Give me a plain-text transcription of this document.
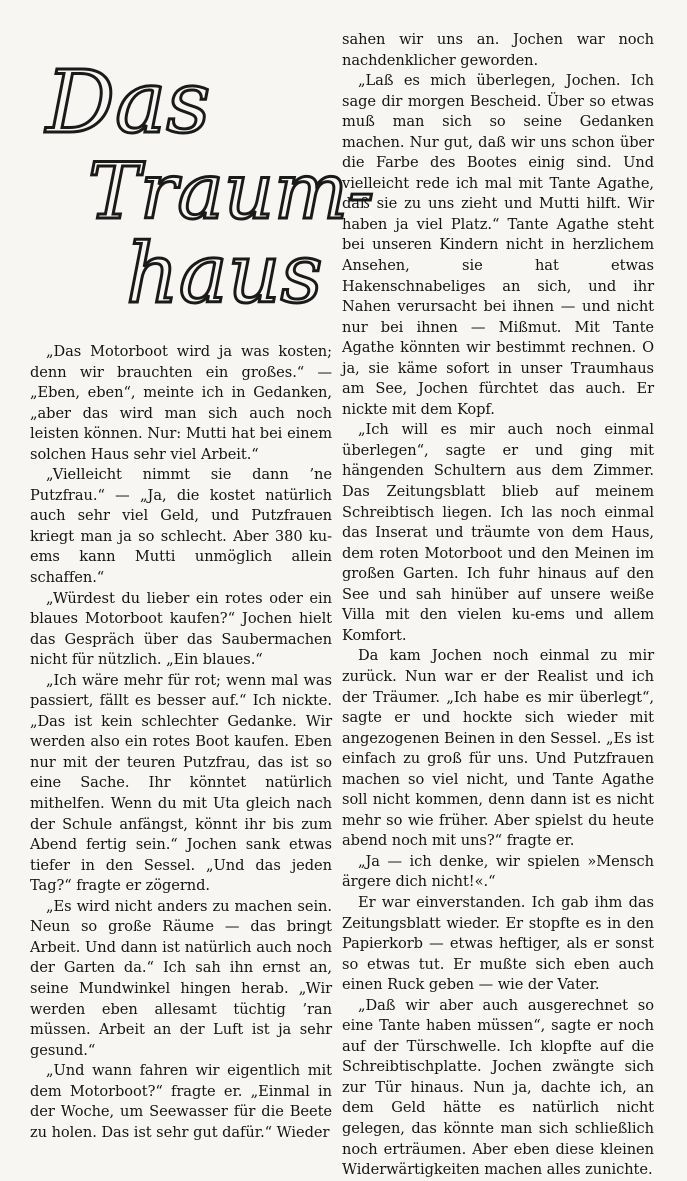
Das
Traum-
haus

„Das Motorboot wird ja was kosten; denn wir brauchten ein großes.“ — „Eben, eben“, meinte ich in Gedanken, „aber das wird man sich auch noch leisten können. Nur: Mutti hat bei einem solchen Haus sehr viel Arbeit.“

„Vielleicht nimmt sie dann ’ne Putzfrau.“ — „Ja, die kostet natürlich auch sehr viel Geld, und Putzfrauen kriegt man ja so schlecht. Aber 380 ku-ems kann Mutti unmöglich allein schaffen.“

„Würdest du lieber ein rotes oder ein blaues Motorboot kaufen?“ Jochen hielt das Gespräch über das Saubermachen nicht für nützlich. „Ein blaues.“

„Ich wäre mehr für rot; wenn mal was passiert, fällt es besser auf.“ Ich nickte. „Das ist kein schlechter Gedanke. Wir werden also ein rotes Boot kaufen. Eben nur mit der teuren Putzfrau, das ist so eine Sache. Ihr könntet natürlich mithelfen. Wenn du mit Uta gleich nach der Schule anfängst, könnt ihr bis zum Abend fertig sein.“ Jochen sank etwas tiefer in den Sessel. „Und das jeden Tag?“ fragte er zögernd.

„Es wird nicht anders zu machen sein. Neun so große Räume — das bringt Arbeit. Und dann ist natürlich auch noch der Garten da.“ Ich sah ihn ernst an, seine Mundwinkel hingen herab. „Wir werden eben allesamt tüchtig ’ran müssen. Arbeit an der Luft ist ja sehr gesund.“

„Und wann fahren wir eigentlich mit dem Motorboot?“ fragte er. „Einmal in der Woche, um Seewasser für die Beete zu holen. Das ist sehr gut dafür.“ Wieder

sahen wir uns an. Jochen war noch nachdenklicher geworden.

„Laß es mich überlegen, Jochen. Ich sage dir morgen Bescheid. Über so etwas muß man sich so seine Gedanken machen. Nur gut, daß wir uns schon über die Farbe des Bootes einig sind. Und vielleicht rede ich mal mit Tante Agathe, daß sie zu uns zieht und Mutti hilft. Wir haben ja viel Platz.“ Tante Agathe steht bei unseren Kindern nicht in herzlichem Ansehen, sie hat etwas Hakenschnabeliges an sich, und ihr Nahen verursacht bei ihnen — und nicht nur bei ihnen — Mißmut. Mit Tante Agathe könnten wir bestimmt rechnen. O ja, sie käme sofort in unser Traumhaus am See, Jochen fürchtet das auch. Er nickte mit dem Kopf.

„Ich will es mir auch noch einmal überlegen“, sagte er und ging mit hängenden Schultern aus dem Zimmer. Das Zeitungsblatt blieb auf meinem Schreibtisch liegen. Ich las noch einmal das Inserat und träumte von dem Haus, dem roten Motorboot und den Meinen im großen Garten. Ich fuhr hinaus auf den See und sah hinüber auf unsere weiße Villa mit den vielen ku-ems und allem Komfort.

Da kam Jochen noch einmal zu mir zurück. Nun war er der Realist und ich der Träumer. „Ich habe es mir überlegt“, sagte er und hockte sich wieder mit angezogenen Beinen in den Sessel. „Es ist einfach zu groß für uns. Und Putzfrauen machen so viel nicht, und Tante Agathe soll nicht kommen, denn dann ist es nicht mehr so wie früher. Aber spielst du heute abend noch mit uns?“ fragte er.

„Ja — ich denke, wir spielen »Mensch ärgere dich nicht!«.“

Er war einverstanden. Ich gab ihm das Zeitungsblatt wieder. Er stopfte es in den Papierkorb — etwas heftiger, als er sonst so etwas tut. Er mußte sich eben auch einen Ruck geben — wie der Vater.

„Daß wir aber auch ausgerechnet so eine Tante haben müssen“, sagte er noch auf der Türschwelle. Ich klopfte auf die Schreibtischplatte. Jochen zwängte sich zur Tür hinaus. Nun ja, dachte ich, an dem Geld hätte es natürlich nicht gelegen, das könnte man sich schließlich noch erträumen. Aber eben diese kleinen Widerwärtigkeiten machen alles zunichte.
